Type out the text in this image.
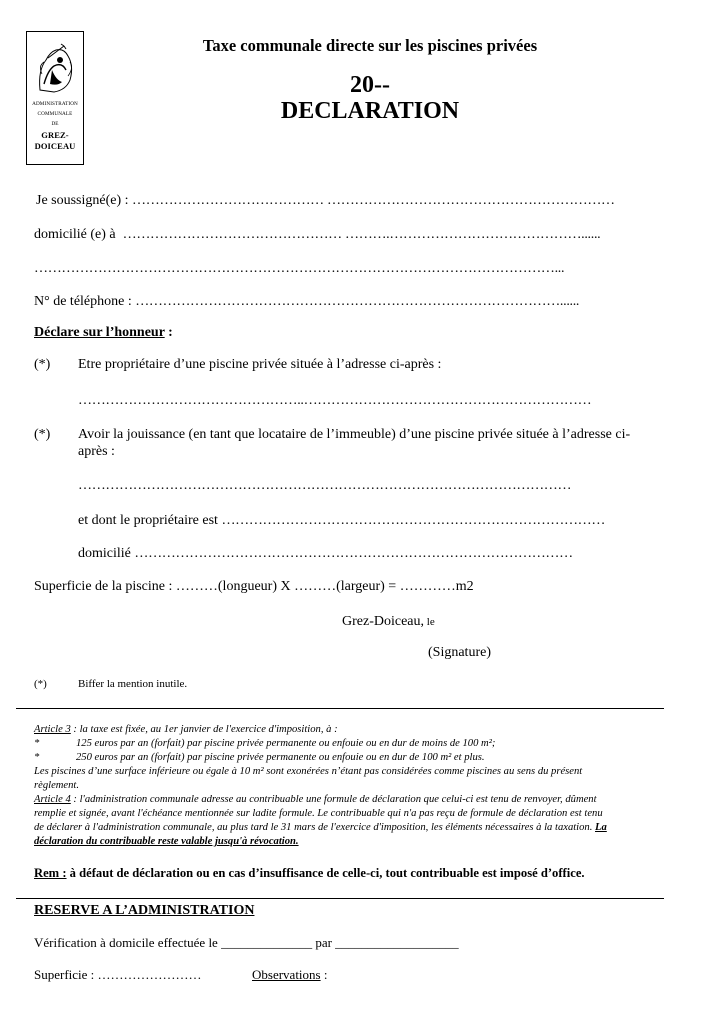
ADMINISTRATION
COMMUNALE
DE
GREZ-
DOICEAU
Taxe communale directe sur les piscines privées
20--
DECLARATION
Je soussigné(e) : …………………………………… ………………………………………………………
domicilié (e) à ………………………………………… ……….……………………………………......
……………………………………………………………………………………………………...
N° de téléphone : …………………………………………………………………………………......
Déclare sur l’honneur :
(*) Etre propriétaire d’une piscine privée située à l’adresse ci-après :
…………………………………………..………………………………………………………
(*) Avoir la jouissance (en tant que locataire de l’immeuble) d’une piscine privée située à l’adresse ci-
après :
………………………………………………………………………………………………
et dont le propriétaire est …………………………………………………………………………
domicilié ……………………………………………………………………………………
Superficie de la piscine : ………(longueur) X ………(largeur) = …………m2
Grez-Doiceau, le
(Signature)
(*)	Biffer la mention inutile.
Article 3 : la taxe est fixée, au 1er janvier de l'exercice d'imposition, à :
*	125 euros par an (forfait) par piscine privée permanente ou enfouie ou en dur de moins de 100 m²;
*	250 euros par an (forfait) par piscine privée permanente ou enfouie ou en dur de 100 m² et plus.
Les piscines d’une surface inférieure ou égale à 10 m² sont exonérées n’étant pas considérées comme piscines au sens du présent
règlement.
Article 4 : l'administration communale adresse au contribuable une formule de déclaration que celui-ci est tenu de renvoyer, dûment
remplie et signée, avant l'échéance mentionnée sur ladite formule. Le contribuable qui n'a pas reçu de formule de déclaration est tenu
de déclarer à l'administration communale, au plus tard le 31 mars de l'exercice d'imposition, les éléments nécessaires à la taxation. La
déclaration du contribuable reste valable jusqu'à révocation.
Rem : à défaut de déclaration ou en cas d’insuffisance de celle-ci, tout contribuable est imposé d’office.
RESERVE A L’ADMINISTRATION
Vérification à domicile effectuée le ______________ par ___________________
Superficie : ……………………	Observations :
